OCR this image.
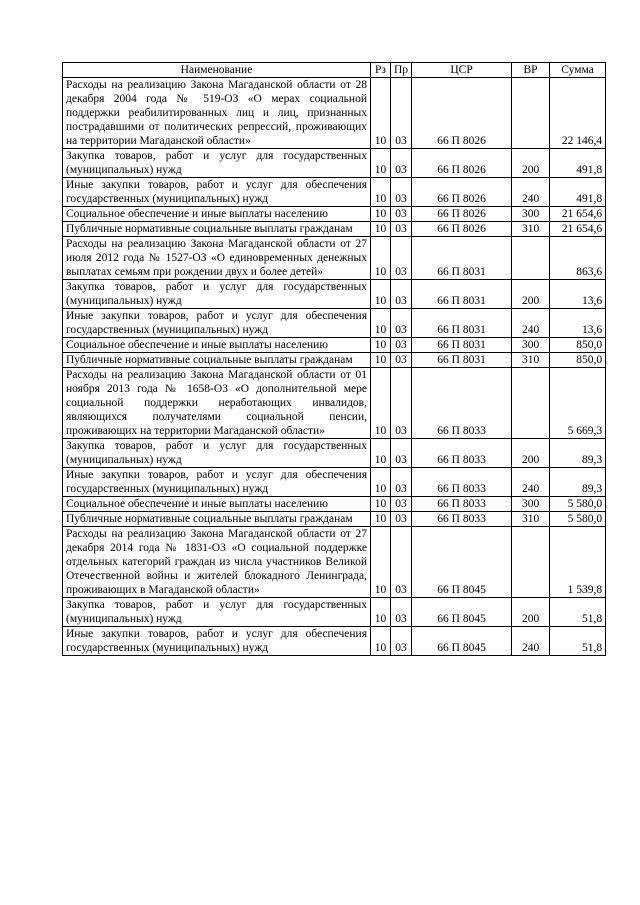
Наименование	Рз	Пр	ЦСР	ВР	Сумма
Расходы на реализацию Закона Магаданской области от 28 декабря 2004 года № 519-ОЗ «О мерах социальной поддержки реабилитированных лиц и лиц, признанных пострадавшими от политических репрессий, проживающих на территории Магаданской области»	10	03	66 П 8026		22 146,4
Закупка товаров, работ и услуг для государственных (муниципальных) нужд	10	03	66 П 8026	200	491,8
Иные закупки товаров, работ и услуг для обеспечения государственных (муниципальных) нужд	10	03	66 П 8026	240	491,8
Социальное обеспечение и иные выплаты населению	10	03	66 П 8026	300	21 654,6
Публичные нормативные социальные выплаты гражданам	10	03	66 П 8026	310	21 654,6
Расходы на реализацию Закона Магаданской области от 27 июля 2012 года № 1527-ОЗ «О единовременных денежных выплатах семьям при рождении двух и более детей»	10	03	66 П 8031		863,6
Закупка товаров, работ и услуг для государственных (муниципальных) нужд	10	03	66 П 8031	200	13,6
Иные закупки товаров, работ и услуг для обеспечения государственных (муниципальных) нужд	10	03	66 П 8031	240	13,6
Социальное обеспечение и иные выплаты населению	10	03	66 П 8031	300	850,0
Публичные нормативные социальные выплаты гражданам	10	03	66 П 8031	310	850,0
Расходы на реализацию Закона Магаданской области от 01 ноября 2013 года № 1658-ОЗ «О дополнительной мере социальной поддержки неработающих инвалидов, являющихся получателями социальной пенсии, проживающих на территории Магаданской области»	10	03	66 П 8033		5 669,3
Закупка товаров, работ и услуг для государственных (муниципальных) нужд	10	03	66 П 8033	200	89,3
Иные закупки товаров, работ и услуг для обеспечения государственных (муниципальных) нужд	10	03	66 П 8033	240	89,3
Социальное обеспечение и иные выплаты населению	10	03	66 П 8033	300	5 580,0
Публичные нормативные социальные выплаты гражданам	10	03	66 П 8033	310	5 580,0
Расходы на реализацию Закона Магаданской области от 27 декабря 2014 года № 1831-ОЗ «О социальной поддержке отдельных категорий граждан из числа участников Великой Отечественной войны и жителей блокадного Ленинграда, проживающих в Магаданской области»	10	03	66 П 8045		1 539,8
Закупка товаров, работ и услуг для государственных (муниципальных) нужд	10	03	66 П 8045	200	51,8
Иные закупки товаров, работ и услуг для обеспечения государственных (муниципальных) нужд	10	03	66 П 8045	240	51,8
